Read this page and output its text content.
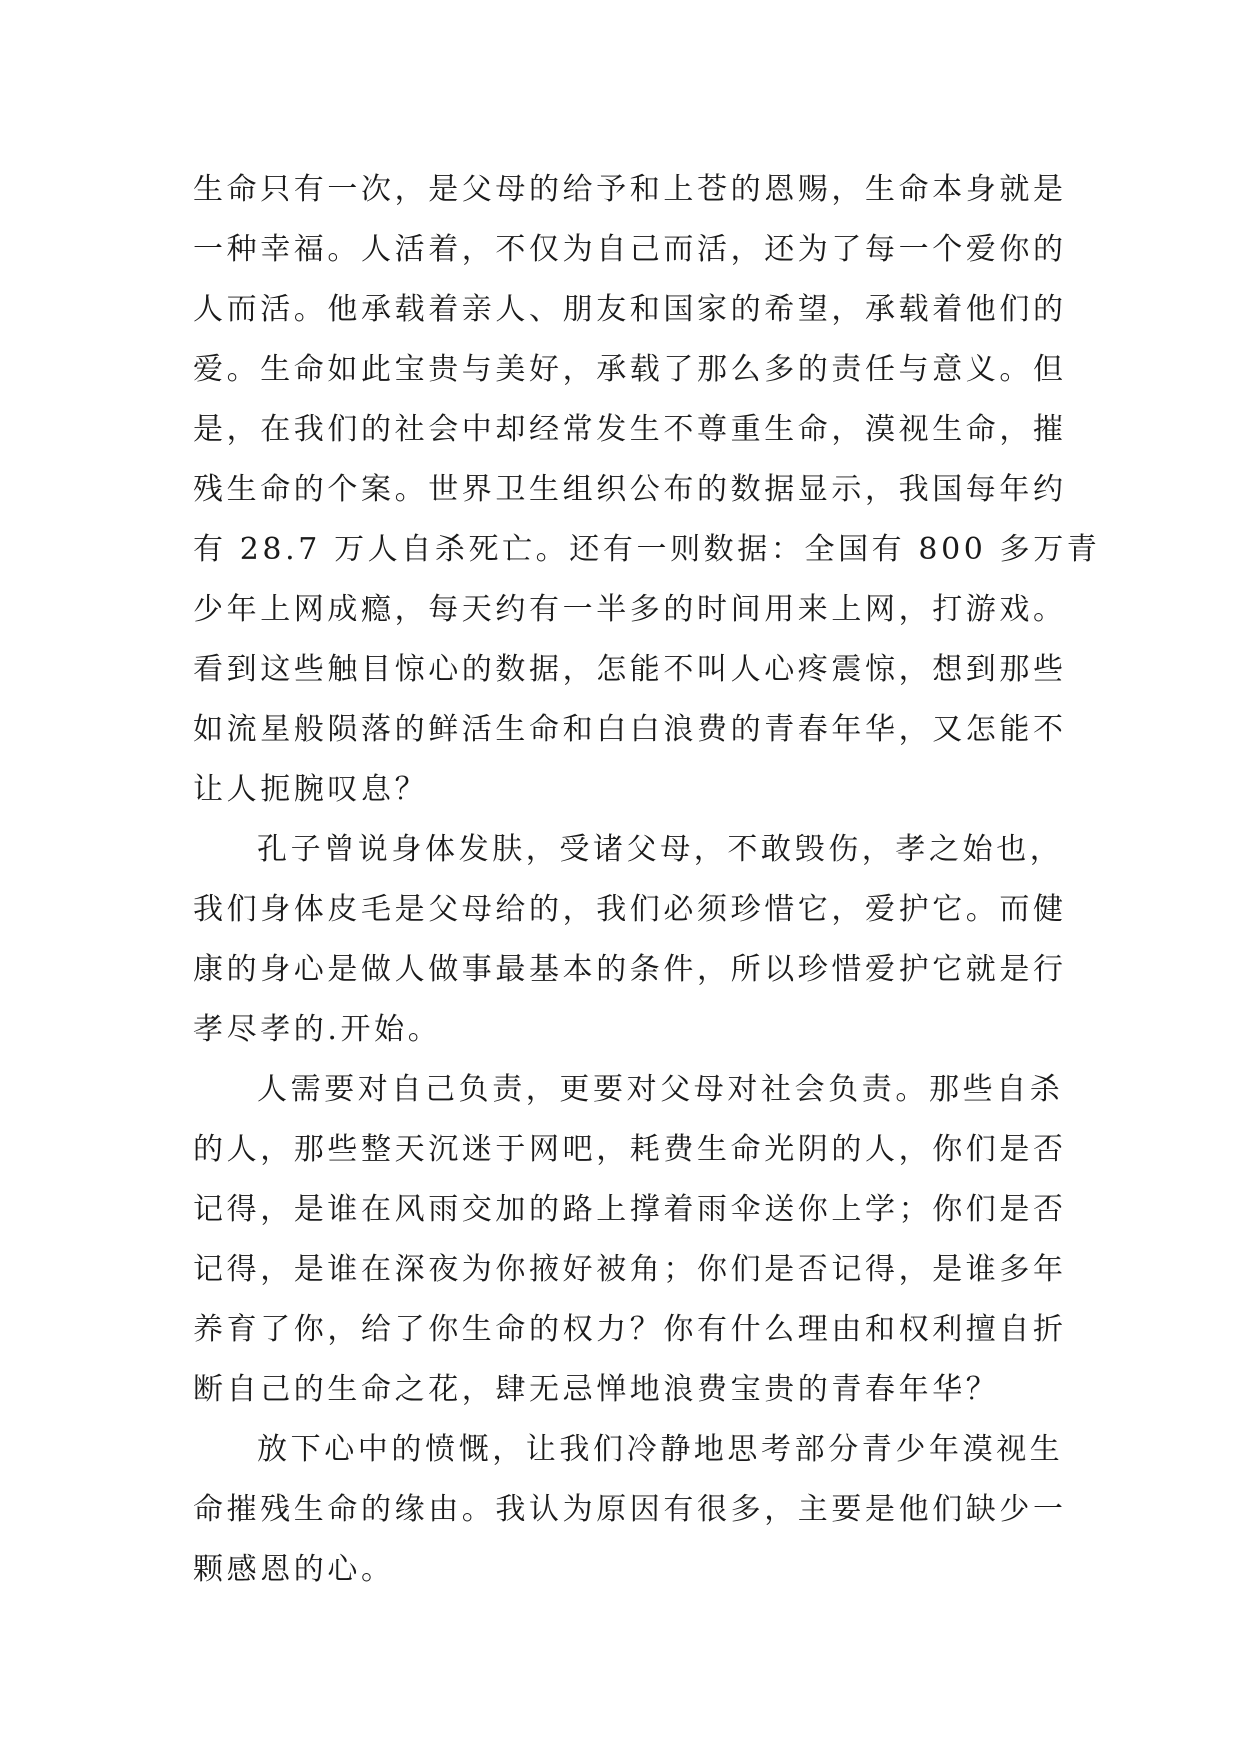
生命只有一次，是父母的给予和上苍的恩赐，生命本身就是
一种幸福。人活着，不仅为自己而活，还为了每一个爱你的
人而活。他承载着亲人、朋友和国家的希望，承载着他们的
爱。生命如此宝贵与美好，承载了那么多的责任与意义。但
是，在我们的社会中却经常发生不尊重生命，漠视生命，摧
残生命的个案。世界卫生组织公布的数据显示，我国每年约
有 28.7 万人自杀死亡。还有一则数据：全国有 800 多万青
少年上网成瘾，每天约有一半多的时间用来上网，打游戏。
看到这些触目惊心的数据，怎能不叫人心疼震惊，想到那些
如流星般陨落的鲜活生命和白白浪费的青春年华，又怎能不
让人扼腕叹息？
孔子曾说身体发肤，受诸父母，不敢毁伤，孝之始也，
我们身体皮毛是父母给的，我们必须珍惜它，爱护它。而健
康的身心是做人做事最基本的条件，所以珍惜爱护它就是行
孝尽孝的.开始。
人需要对自己负责，更要对父母对社会负责。那些自杀
的人，那些整天沉迷于网吧，耗费生命光阴的人，你们是否
记得，是谁在风雨交加的路上撑着雨伞送你上学；你们是否
记得，是谁在深夜为你掖好被角；你们是否记得，是谁多年
养育了你，给了你生命的权力？你有什么理由和权利擅自折
断自己的生命之花，肆无忌惮地浪费宝贵的青春年华？
放下心中的愤慨，让我们冷静地思考部分青少年漠视生
命摧残生命的缘由。我认为原因有很多，主要是他们缺少一
颗感恩的心。
